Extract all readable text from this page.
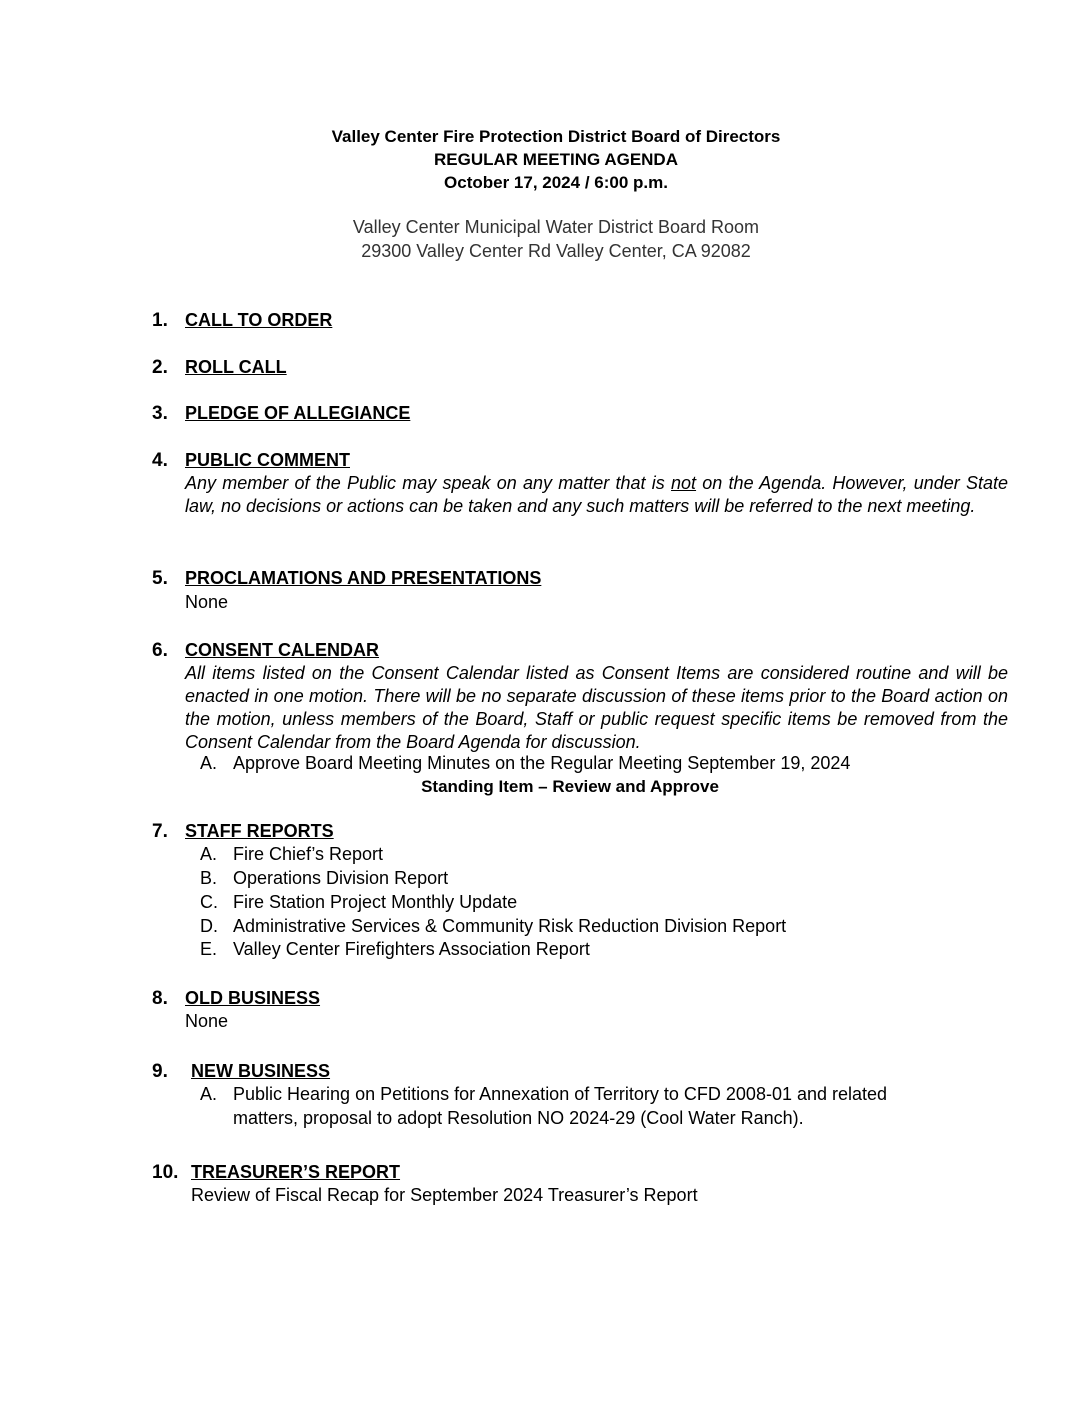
Valley Center Fire Protection District Board of Directors
REGULAR MEETING AGENDA
October 17, 2024 / 6:00 p.m.
Valley Center Municipal Water District Board Room
29300 Valley Center Rd Valley Center, CA 92082
1. CALL TO ORDER
2. ROLL CALL
3. PLEDGE OF ALLEGIANCE
4. PUBLIC COMMENT
Any member of the Public may speak on any matter that is not on the Agenda. However, under State law, no decisions or actions can be taken and any such matters will be referred to the next meeting.
5. PROCLAMATIONS AND PRESENTATIONS
None
6. CONSENT CALENDAR
All items listed on the Consent Calendar listed as Consent Items are considered routine and will be enacted in one motion. There will be no separate discussion of these items prior to the Board action on the motion, unless members of the Board, Staff or public request specific items be removed from the Consent Calendar from the Board Agenda for discussion.
A. Approve Board Meeting Minutes on the Regular Meeting September 19, 2024
Standing Item – Review and Approve
7. STAFF REPORTS
A. Fire Chief’s Report
B. Operations Division Report
C. Fire Station Project Monthly Update
D. Administrative Services & Community Risk Reduction Division Report
E. Valley Center Firefighters Association Report
8. OLD BUSINESS
None
9. NEW BUSINESS
A. Public Hearing on Petitions for Annexation of Territory to CFD 2008-01 and related
matters, proposal to adopt Resolution NO 2024-29 (Cool Water Ranch).
10. TREASURER’S REPORT
Review of Fiscal Recap for September 2024 Treasurer’s Report
